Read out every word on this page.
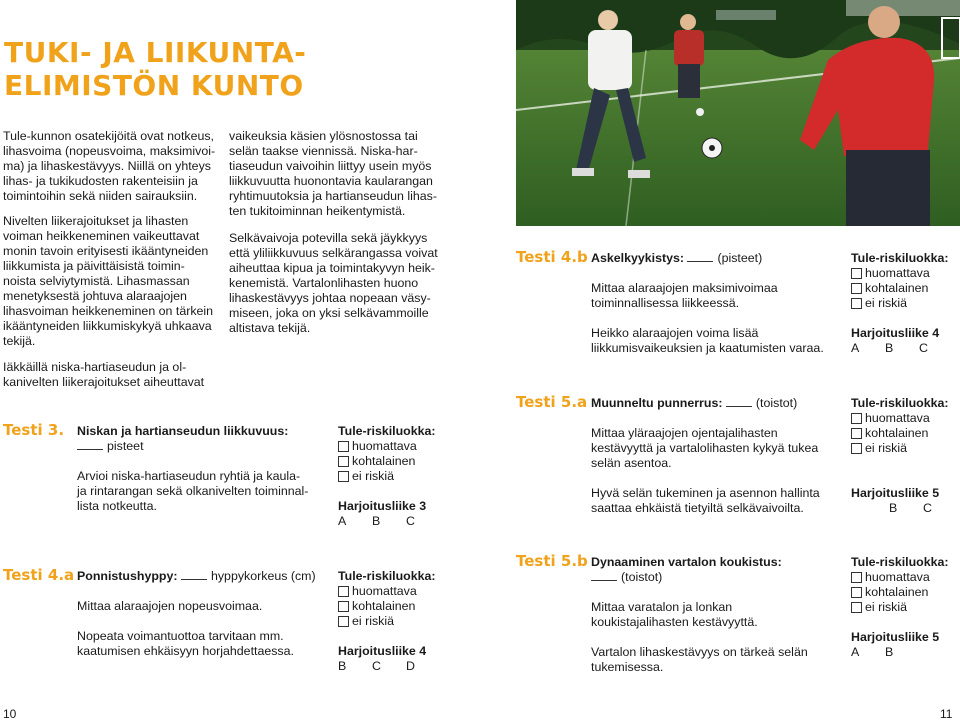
TUKI- JA LIIKUNTA-
ELIMISTÖN KUNTO
Tule-kunnon osatekijöitä ovat notkeus,
lihasvoima (nopeusvoima, maksimivoi-
ma) ja lihaskestävyys. Niillä on yhteys
lihas- ja tukikudosten rakenteisiin ja
toimintoihin sekä niiden sairauksiin.
Nivelten liikerajoitukset ja lihasten
voiman heikkeneminen vaikeuttavat
monin tavoin erityisesti ikääntyneiden
liikkumista ja päivittäisistä toimin-
noista selviytymistä. Lihasmassan
menetyksestä johtuva alaraajojen
lihasvoiman heikkeneminen on tärkein
ikääntyneiden liikkumiskykyä uhkaava
tekijä.
Iäkkäillä niska-hartiaseudun ja ol-
kanivelten liikerajoitukset aiheuttavat
vaikeuksia käsien ylösnostossa tai
selän taakse viennissä. Niska-har-
tiaseudun vaivoihin liittyy usein myös
liikkuvuutta huonontavia kaularangan
ryhtimuutoksia ja hartianseudun lihas-
ten tukitoiminnan heikentymistä.
Selkävaivoja potevilla sekä jäykkyys
että yliliikkuvuus selkärangassa voivat
aiheuttaa kipua ja toimintakyvyn heik-
kenemistä. Vartalonlihasten huono
lihaskestävyys johtaa nopeaan väsy-
miseen, joka on yksi selkävammoille
altistava tekijä.
Testi 3. Niskan ja hartianseudun liikkuvuus:
pisteet
Arvioi niska-hartiaseudun ryhtiä ja kaula-
ja rintarangan sekä olkanivelten toiminnal-
lista notkeutta.
Tule-riskiluokka:
huomattava
kohtalainen
ei riskiä
Harjoitusliike 3
A B C
Testi 4.a Ponnistushyppy:	hyppykorkeus (cm)
Mittaa alaraajojen nopeusvoimaa.
Nopeata voimantuottoa tarvitaan mm.
kaatumisen ehkäisyyn horjahdettaessa.
Tule-riskiluokka:
huomattava
kohtalainen
ei riskiä
Harjoitusliike 4
B C D
Testi 4.b Askelkyykistys:	(pisteet)
Mittaa alaraajojen maksimivoimaa
toiminnallisessa liikkeessä.
Heikko alaraajojen voima lisää
liikkumisvaikeuksien ja kaatumisten varaa.
Tule-riskiluokka:
huomattava
kohtalainen
ei riskiä
Harjoitusliike 4
A B C
Testi 5.a Muunneltu punnerrus:	(toistot)
Mittaa yläraajojen ojentajalihasten
kestävyyttä ja vartalolihasten kykyä tukea
selän asentoa.
Hyvä selän tukeminen ja asennon hallinta
saattaa ehkäistä tietyiltä selkävaivoilta.
Tule-riskiluokka:
huomattava
kohtalainen
ei riskiä
Harjoitusliike 5
B C
Testi 5.b Dynaaminen vartalon koukistus:
(toistot)
Mittaa varatalon ja lonkan
koukistajalihasten kestävyyttä.
Vartalon lihaskestävyys on tärkeä selän
tukemisessa.
Tule-riskiluokka:
huomattava
kohtalainen
ei riskiä
Harjoitusliike 5
A B
10	11
